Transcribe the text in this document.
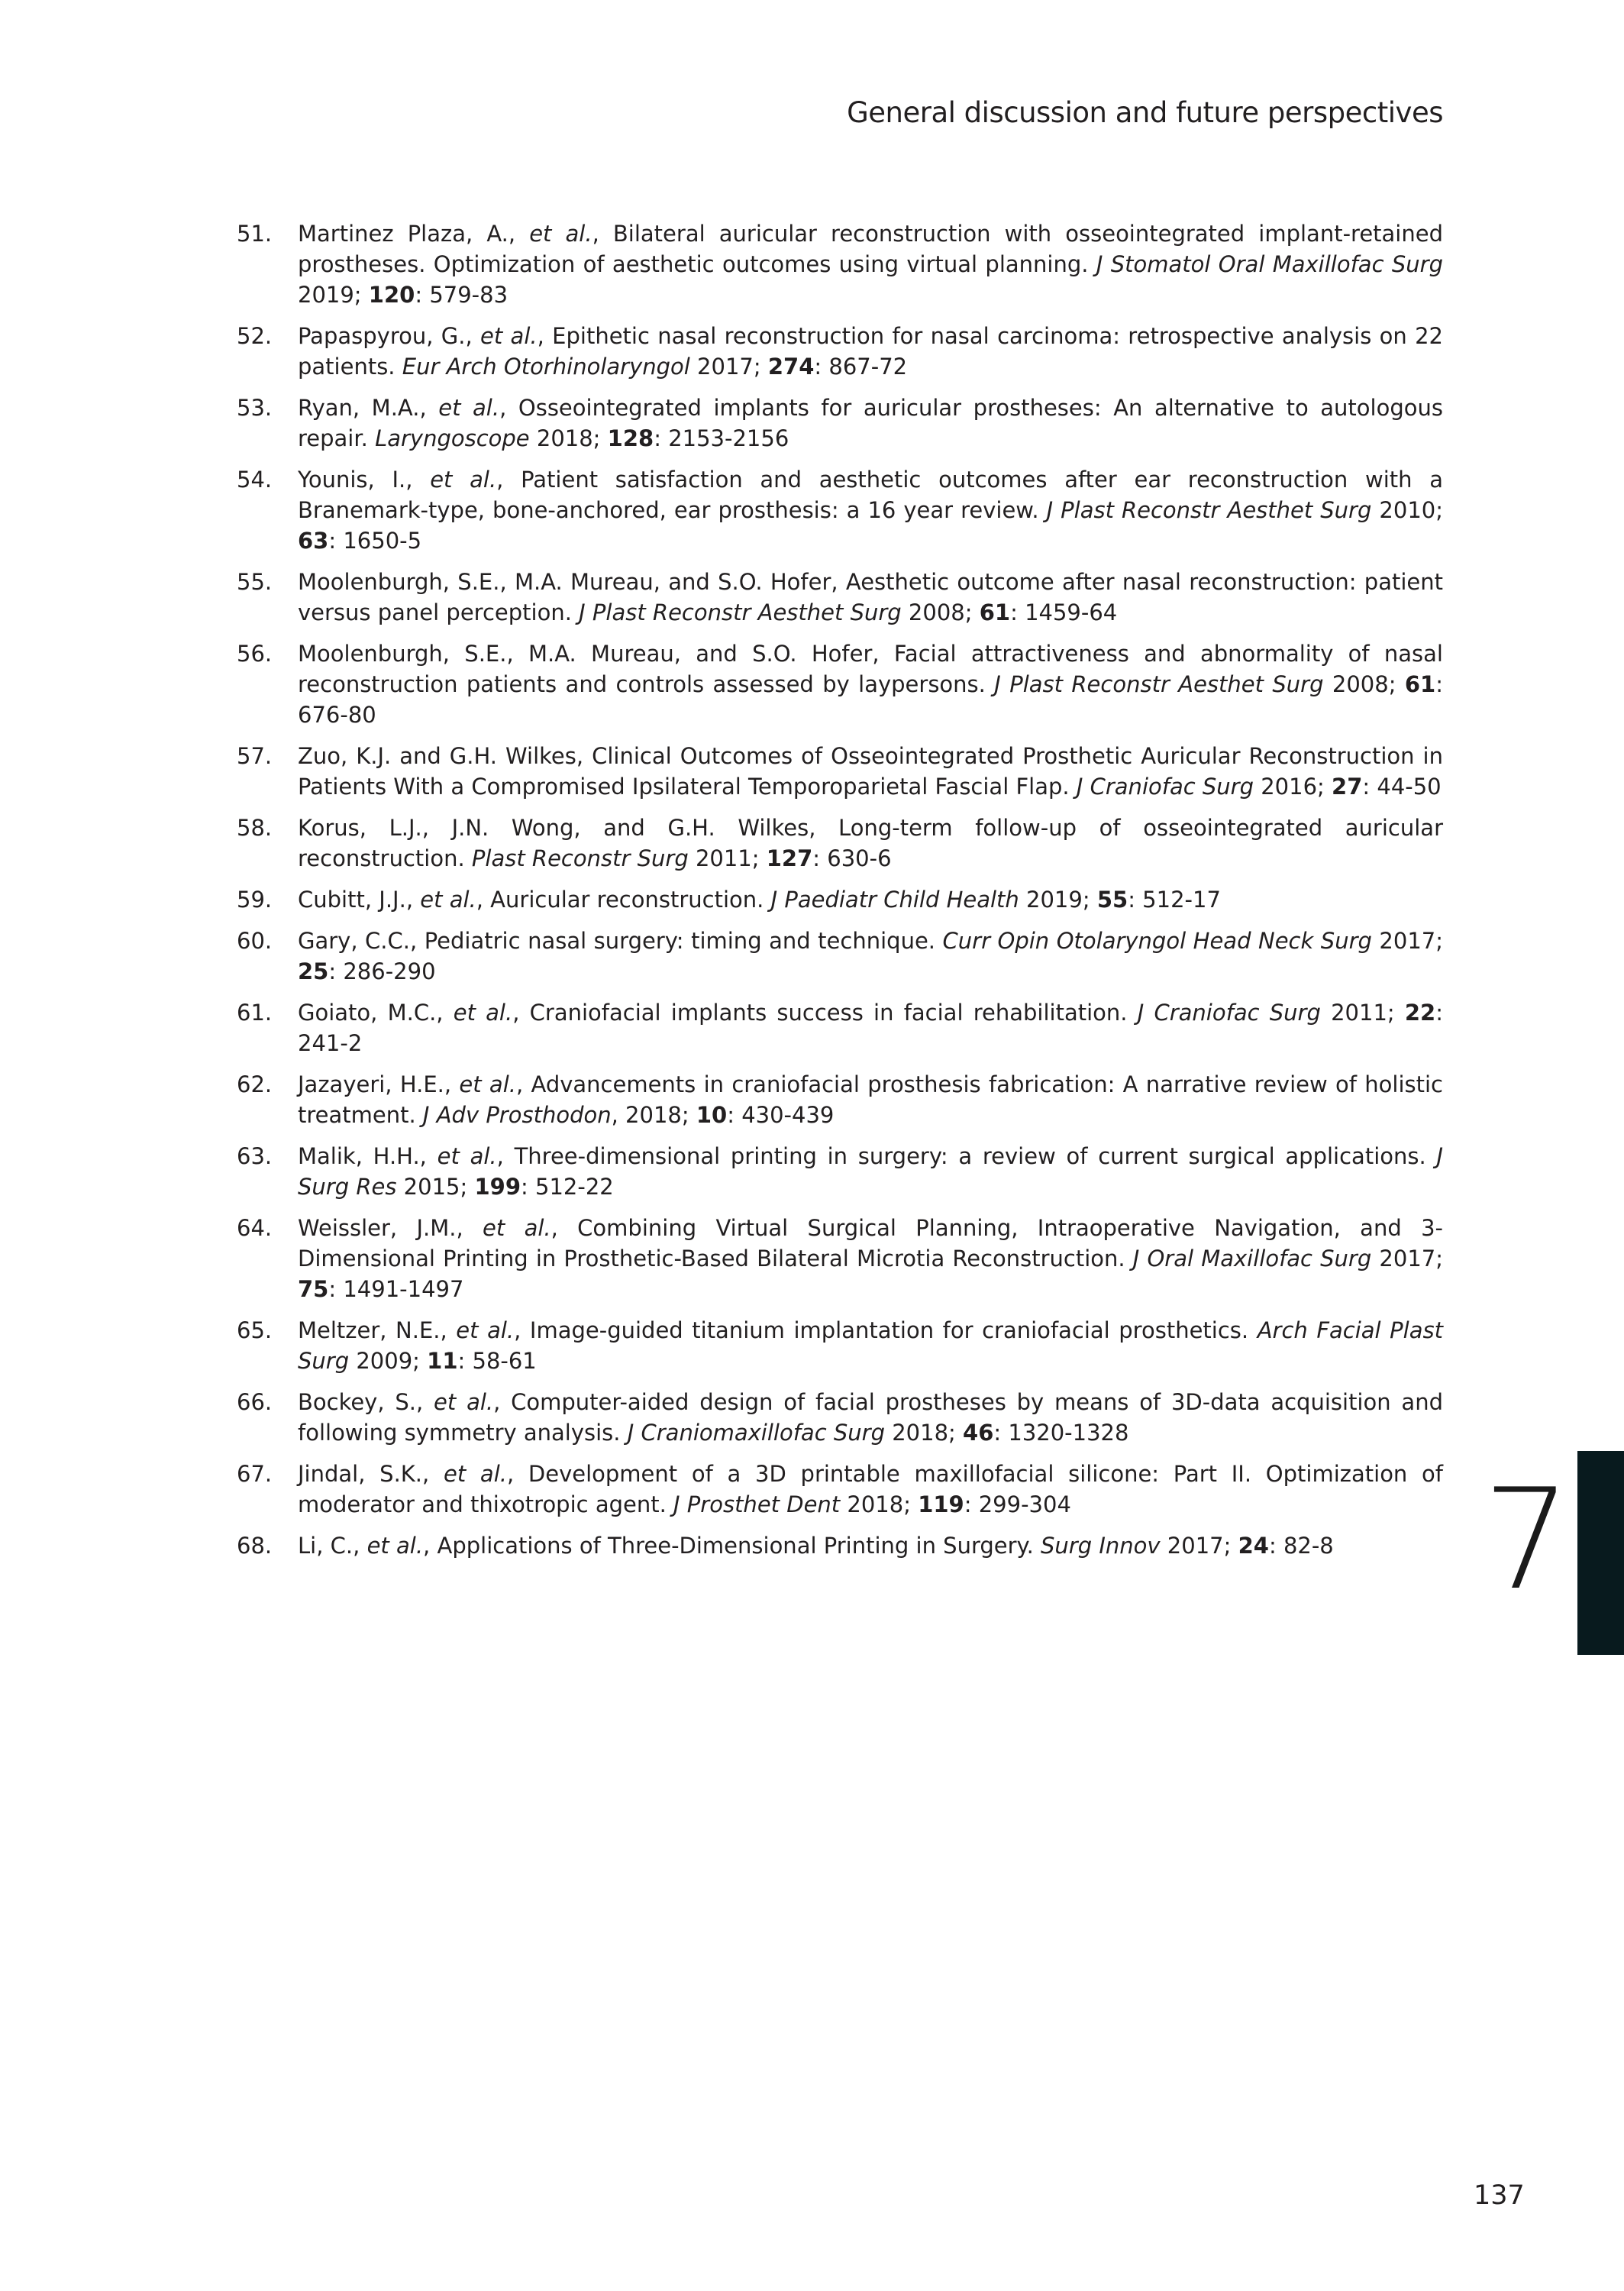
General discussion and future perspectives
51.	Martinez Plaza, A., et al., Bilateral auricular reconstruction with osseointegrated implant-retained prostheses. Optimization of aesthetic outcomes using virtual planning. J Stomatol Oral Maxillofac Surg 2019; 120: 579-83
52.	Papaspyrou, G., et al., Epithetic nasal reconstruction for nasal carcinoma: retrospective analysis on 22 patients. Eur Arch Otorhinolaryngol 2017; 274: 867-72
53.	Ryan, M.A., et al., Osseointegrated implants for auricular prostheses: An alternative to autologous repair. Laryngoscope 2018; 128: 2153-2156
54.	Younis, I., et al., Patient satisfaction and aesthetic outcomes after ear reconstruction with a Branemark-type, bone-anchored, ear prosthesis: a 16 year review. J Plast Reconstr Aesthet Surg 2010; 63: 1650-5
55.	Moolenburgh, S.E., M.A. Mureau, and S.O. Hofer, Aesthetic outcome after nasal reconstruction: patient versus panel perception. J Plast Reconstr Aesthet Surg 2008; 61: 1459-64
56.	Moolenburgh, S.E., M.A. Mureau, and S.O. Hofer, Facial attractiveness and abnormality of nasal reconstruction patients and controls assessed by laypersons. J Plast Reconstr Aesthet Surg 2008; 61: 676-80
57.	Zuo, K.J. and G.H. Wilkes, Clinical Outcomes of Osseointegrated Prosthetic Auricular Reconstruction in Patients With a Compromised Ipsilateral Temporoparietal Fascial Flap. J Craniofac Surg 2016; 27: 44-50
58.	Korus, L.J., J.N. Wong, and G.H. Wilkes, Long-term follow-up of osseointegrated auricular reconstruction. Plast Reconstr Surg 2011; 127: 630-6
59.	Cubitt, J.J., et al., Auricular reconstruction. J Paediatr Child Health 2019; 55: 512-17
60.	Gary, C.C., Pediatric nasal surgery: timing and technique. Curr Opin Otolaryngol Head Neck Surg 2017; 25: 286-290
61.	Goiato, M.C., et al., Craniofacial implants success in facial rehabilitation. J Craniofac Surg 2011; 22: 241-2
62.	Jazayeri, H.E., et al., Advancements in craniofacial prosthesis fabrication: A narrative review of holistic treatment. J Adv Prosthodon, 2018; 10: 430-439
63.	Malik, H.H., et al., Three-dimensional printing in surgery: a review of current surgical applications. J Surg Res 2015; 199: 512-22
64.	Weissler, J.M., et al., Combining Virtual Surgical Planning, Intraoperative Navigation, and 3-Dimensional Printing in Prosthetic-Based Bilateral Microtia Reconstruction. J Oral Maxillofac Surg 2017; 75: 1491-1497
65.	Meltzer, N.E., et al., Image-guided titanium implantation for craniofacial prosthetics. Arch Facial Plast Surg 2009; 11: 58-61
66.	Bockey, S., et al., Computer-aided design of facial prostheses by means of 3D-data acquisition and following symmetry analysis. J Craniomaxillofac Surg 2018; 46: 1320-1328
67.	Jindal, S.K., et al., Development of a 3D printable maxillofacial silicone: Part II. Optimization of moderator and thixotropic agent. J Prosthet Dent 2018; 119: 299-304
68.	Li, C., et al., Applications of Three-Dimensional Printing in Surgery. Surg Innov 2017; 24: 82-8	7
137
